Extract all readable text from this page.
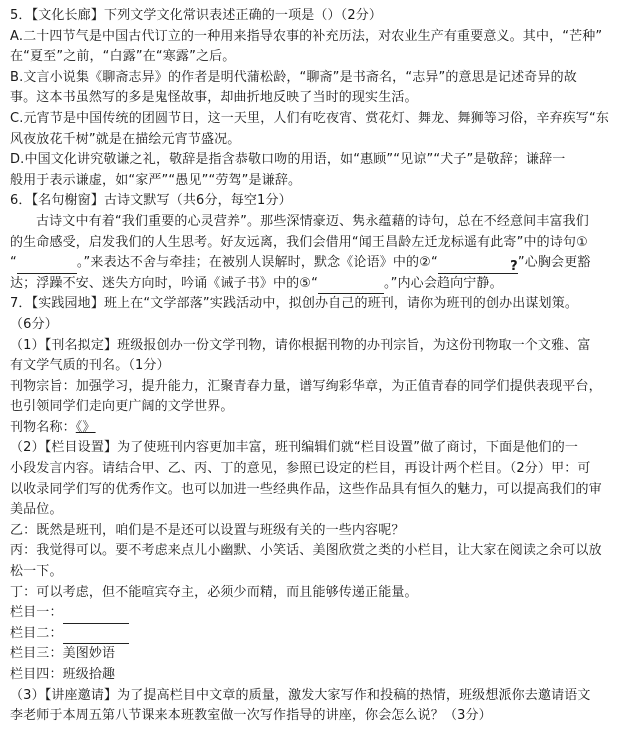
5．【文化长廊】下列文学文化常识表述正确的一项是（）（2分）
A.二十四节气是中国古代订立的一种用来指导农事的补充历法，对农业生产有重要意义。其中，“芒种”
在“夏至”之前，“白露”在“寒露”之后。
B.文言小说集《聊斋志异》的作者是明代蒲松龄，“聊斋”是书斋名，“志异”的意思是记述奇异的故
事。这本书虽然写的多是鬼怪故事，却曲折地反映了当时的现实生活。
C.元宵节是中国传统的团圆节日，这一天里，人们有吃夜宵、赏花灯、舞龙、舞狮等习俗，辛弃疾写“东
风夜放花千树”就是在描绘元宵节盛况。
D.中国文化讲究敬谦之礼，敬辞是指含恭敬口吻的用语，如“惠顾”“见谅”“犬子”是敬辞；谦辞一
般用于表示谦虚，如“家严”“愚见”“劳驾”是谦辞。
6．【名句榭窗】古诗文默写（共6分，每空1分）
古诗文中有着“我们重要的心灵营养”。那些深情豪迈、隽永蕴藉的诗句，总在不经意间丰富我们
的生命感受，启发我们的人生思考。好友远离，我们会借用“闻王昌龄左迁龙标遥有此寄”中的诗句①
“	。”来表达不舍与牵挂；在被别人误解时，默念《论语》中的②“	?”心胸会更豁
达；浮躁不安、迷失方向时，吟诵《诫子书》中的⑤“	。”内心会趋向宁静。
7．【实践园地】班上在“文学部落”实践活动中，拟创办自己的班刊，请你为班刊的创办出谋划策。
（6分）
（1）【刊名拟定】班级报创办一份文学刊物，请你根据刊物的办刊宗旨，为这份刊物取一个文雅、富
有文学气质的刊名。（1分）
刊物宗旨：加强学习，提升能力，汇聚青春力量，谱写绚彩华章，为正值青春的同学们提供表现平台，
也引领同学们走向更广阔的文学世界。
刊物名称：《》
（2）【栏目设置】为了使班刊内容更加丰富，班刊编辑们就“栏目设置”做了商讨，下面是他们的一
小段发言内容。请结合甲、乙、丙、丁的意见，参照已设定的栏目，再设计两个栏目。（2分）甲：可
以收录同学们写的优秀作文。也可以加进一些经典作品，这些作品具有恒久的魅力，可以提高我们的审
美品位。
乙：既然是班刊，咱们是不是还可以设置与班级有关的一些内容呢？
丙：我觉得可以。要不考虑来点儿小幽默、小笑话、美图欣赏之类的小栏目，让大家在阅读之余可以放
松一下。
丁：可以考虑，但不能喧宾夺主，必须少而精，而且能够传递正能量。
栏目一：
栏目二：
栏目三：美图妙语
栏目四：班级拾趣
（3）【讲座邀请】为了提高栏目中文章的质量，激发大家写作和投稿的热情，班级想派你去邀请语文
李老师于本周五第八节课来本班教室做一次写作指导的讲座，你会怎么说？（3分）
